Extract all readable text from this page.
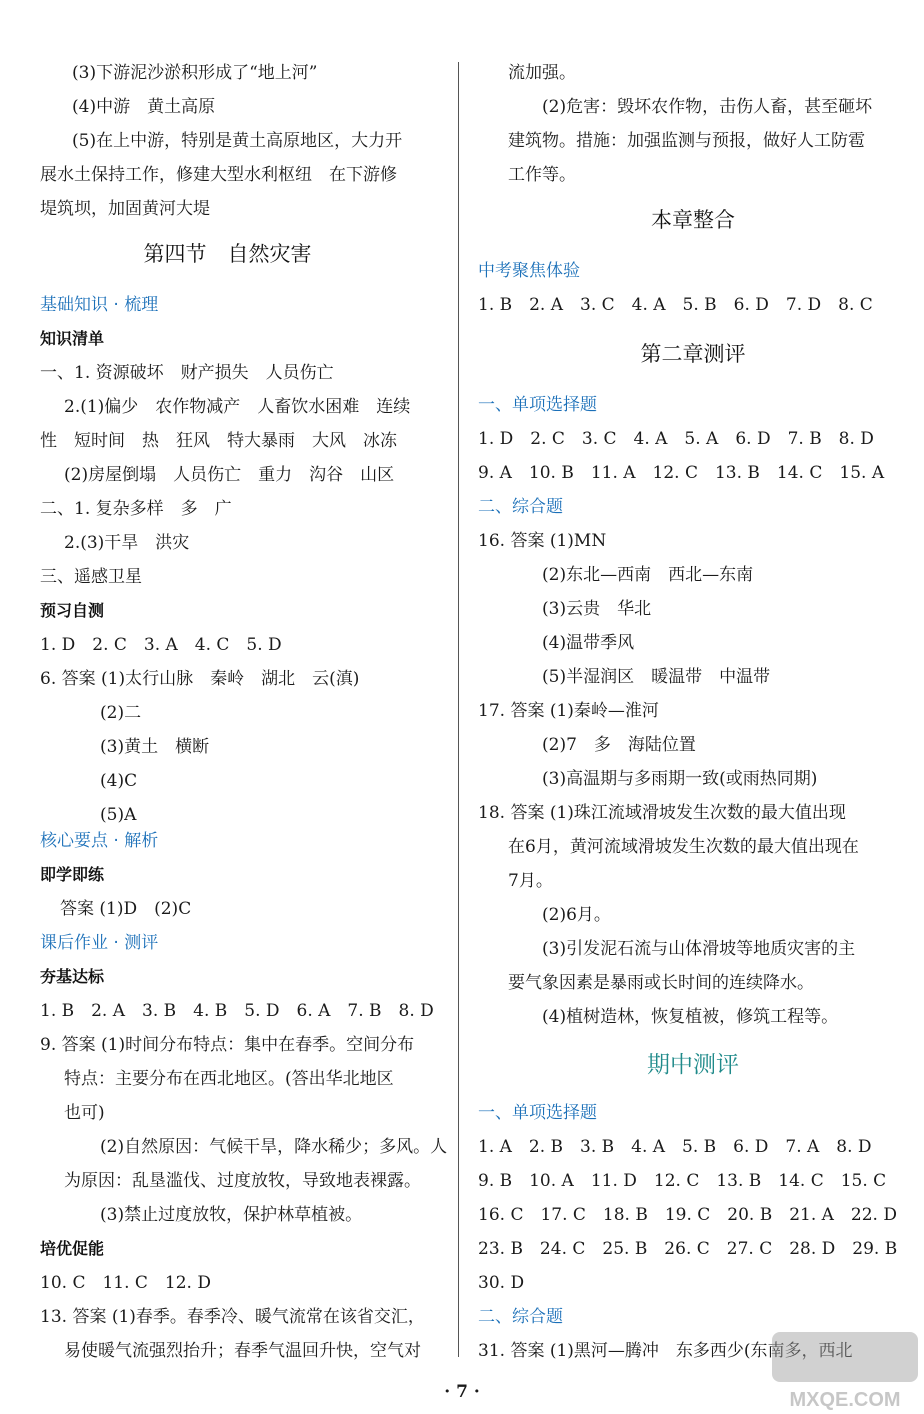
(3)下游泥沙淤积形成了“地上河”
(4)中游　黄土高原
(5)在上中游，特别是黄土高原地区，大力开
展水土保持工作，修建大型水利枢纽　在下游修
堤筑坝，加固黄河大堤
第四节　自然灾害
基础知识 · 梳理
知识清单
一、1. 资源破坏　财产损失　人员伤亡
2.(1)偏少　农作物减产　人畜饮水困难　连续
性　短时间　热　狂风　特大暴雨　大风　冰冻
(2)房屋倒塌　人员伤亡　重力　沟谷　山区
二、1. 复杂多样　多　广
2.(3)干旱　洪灾
三、遥感卫星
预习自测
1. D　2. C　3. A　4. C　5. D
6. 答案 (1)太行山脉　秦岭　湖北　云(滇)
(2)二
(3)黄土　横断
(4)C
(5)A
核心要点 · 解析
即学即练
答案 (1)D　(2)C
课后作业 · 测评
夯基达标
1. B　2. A　3. B　4. B　5. D　6. A　7. B　8. D
9. 答案 (1)时间分布特点：集中在春季。空间分布
特点：主要分布在西北地区。(答出华北地区
也可)
(2)自然原因：气候干旱，降水稀少；多风。人
为原因：乱垦滥伐、过度放牧，导致地表裸露。
(3)禁止过度放牧，保护林草植被。
培优促能
10. C　11. C　12. D
13. 答案 (1)春季。春季冷、暖气流常在该省交汇，
易使暖气流强烈抬升；春季气温回升快，空气对
流加强。
(2)危害：毁坏农作物，击伤人畜，甚至砸坏
建筑物。措施：加强监测与预报，做好人工防雹
工作等。
本章整合
中考聚焦体验
1. B　2. A　3. C　4. A　5. B　6. D　7. D　8. C
第二章测评
一、单项选择题
1. D　2. C　3. C　4. A　5. A　6. D　7. B　8. D
9. A　10. B　11. A　12. C　13. B　14. C　15. A
二、综合题
16. 答案 (1)MN
(2)东北—西南　西北—东南
(3)云贵　华北
(4)温带季风
(5)半湿润区　暖温带　中温带
17. 答案 (1)秦岭—淮河
(2)7　多　海陆位置
(3)高温期与多雨期一致(或雨热同期)
18. 答案 (1)珠江流域滑坡发生次数的最大值出现
在6月，黄河流域滑坡发生次数的最大值出现在
7月。
(2)6月。
(3)引发泥石流与山体滑坡等地质灾害的主
要气象因素是暴雨或长时间的连续降水。
(4)植树造林，恢复植被，修筑工程等。
期中测评
一、单项选择题
1. A　2. B　3. B　4. A　5. B　6. D　7. A　8. D
9. B　10. A　11. D　12. C　13. B　14. C　15. C
16. C　17. C　18. B　19. C　20. B　21. A　22. D
23. B　24. C　25. B　26. C　27. C　28. D　29. B
30. D
二、综合题
31. 答案 (1)黑河—腾冲　东多西少(东南多，西北
· 7 ·	MXQE.COM
